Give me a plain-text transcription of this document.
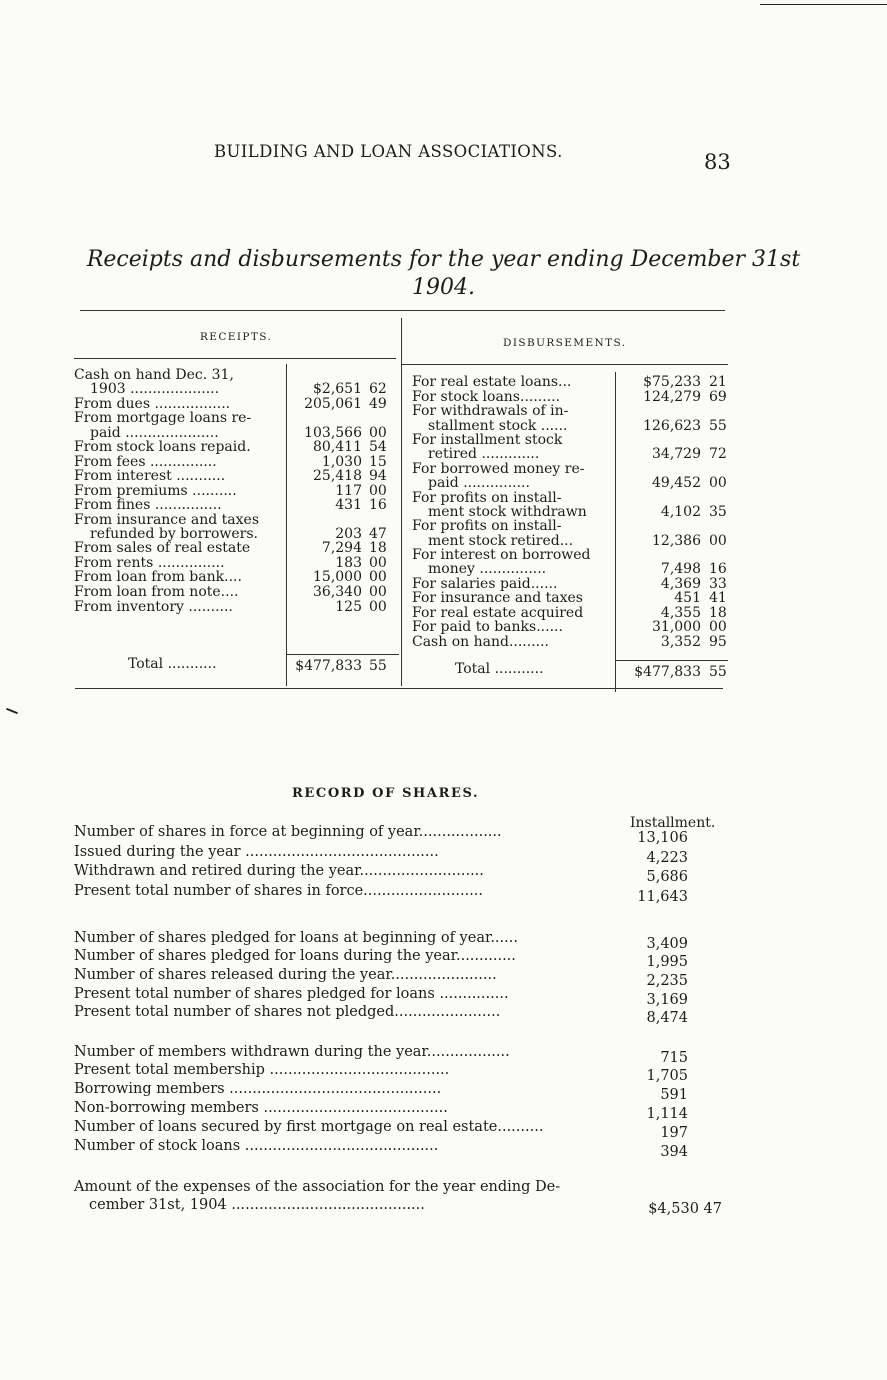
BUILDING AND LOAN ASSOCIATIONS.	83
Receipts and disbursements for the year ending December 31st
1904.
RECEIPTS.	DISBURSEMENTS.
Cash on hand Dec. 31,
1903 ....................	$2,651 62
From dues .................	205,061 49
From mortgage loans re-
paid .....................	103,566 00
From stock loans repaid.	80,411 54
From fees ...............	1,030 15
From interest ...........	25,418 94
From premiums ..........	117 00
From fines ...............	431 16
From insurance and taxes
refunded by borrowers.	203 47
From sales of real estate	7,294 18
From rents ...............	183 00
From loan from bank....	15,000 00
From loan from note....	36,340 00
From inventory ..........	125 00
For real estate loans...	$75,233 21
For stock loans.........	124,279 69
For withdrawals of in-
stallment stock ......	126,623 55
For installment stock
retired .............	34,729 72
For borrowed money re-
paid ...............	49,452 00
For profits on install-
ment stock withdrawn	4,102 35
For profits on install-
ment stock retired...	12,386 00
For interest on borrowed
money ...............	7,498 16
For salaries paid......	4,369 33
For insurance and taxes	451 41
For real estate acquired	4,355 18
For paid to banks......	31,000 00
Cash on hand.........	3,352 95
Total ...........	$477,833 55	Total ...........	$477,833 55
RECORD OF SHARES.
Installment.
Number of shares in force at beginning of year..................	13,106
Issued during the year ..........................................	4,223
Withdrawn and retired during the year...........................	5,686
Present total number of shares in force..........................	11,643
Number of shares pledged for loans at beginning of year......	3,409
Number of shares pledged for loans during the year.............	1,995
Number of shares released during the year.......................	2,235
Present total number of shares pledged for loans ...............	3,169
Present total number of shares not pledged.......................	8,474
Number of members withdrawn during the year..................	715
Present total membership .......................................	1,705
Borrowing members ..............................................	591
Non-borrowing members ........................................	1,114
Number of loans secured by first mortgage on real estate..........	197
Number of stock loans ..........................................	394
Amount of the expenses of the association for the year ending De-
cember 31st, 1904 ..........................................	$4,530 47
